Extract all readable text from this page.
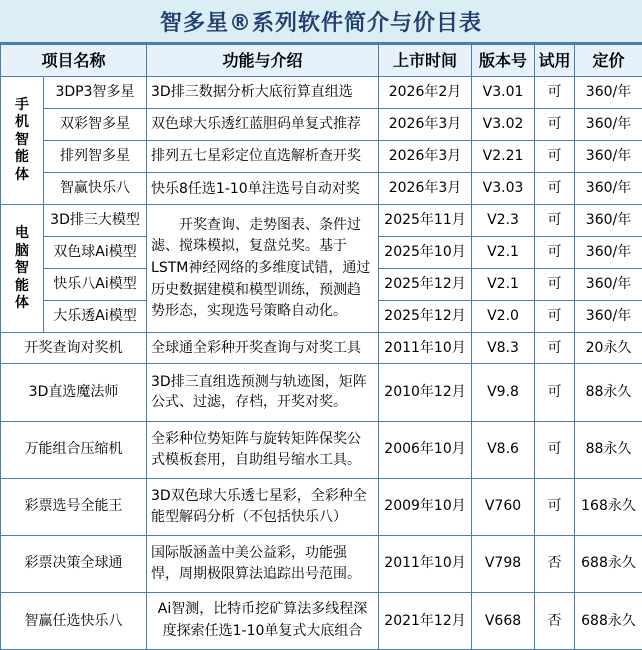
智多星®系列软件简介与价目表
项目名称		功能与介绍	上市时间	版本号	试用	定价

手
机
智
能
体	3DP3智多星	3D排三数据分析大底衍算直组选	2026年2月	V3.01	可	360/年
	双彩智多星	双色球大乐透红蓝胆码单复式推荐	2026年3月	V3.02	可	360/年
	排列智多星	排列五七星彩定位直选解析查开奖	2026年3月	V2.21	可	360/年
	智赢快乐八	快乐8任选1-10单注选号自动对奖	2026年3月	V3.03	可	360/年

电
脑
智
能
体	3D排三大模型	开奖查询、走势图表、条件过滤、搅珠模拟，复盘兑奖。基于LSTM神经网络的多维度试错，通过历史数据建模和模型训练，预测趋势形态，实现选号策略自动化。	2025年11月	V2.3	可	360/年
	双色球Ai模型		2025年10月	V2.1	可	360/年
	快乐八Ai模型		2025年12月	V2.1	可	360/年
	大乐透Ai模型		2025年12月	V2.0	可	360/年
开奖查询对奖机		全球通全彩种开奖查询与对奖工具	2011年10月	V8.3	可	20永久
3D直选魔法师		3D排三直组选预测与轨迹图，矩阵公式、过滤，存档，开奖对奖。	2010年12月	V9.8	可	88永久
万能组合压缩机		全彩种位势矩阵与旋转矩阵保奖公式模板套用，自助组号缩水工具。	2006年10月	V8.6	可	88永久
彩票选号全能王		3D双色球大乐透七星彩，全彩种全能型解码分析（不包括快乐八）	2009年10月	V760	可	168永久
彩票决策全球通		国际版涵盖中美公益彩，功能强悍，周期极限算法追踪出号范围。	2011年10月	V798	否	688永久
智赢任选快乐八		Ai智测，比特币挖矿算法多线程深度探索任选1-10单复式大底组合	2021年12月	V668	否	688永久
